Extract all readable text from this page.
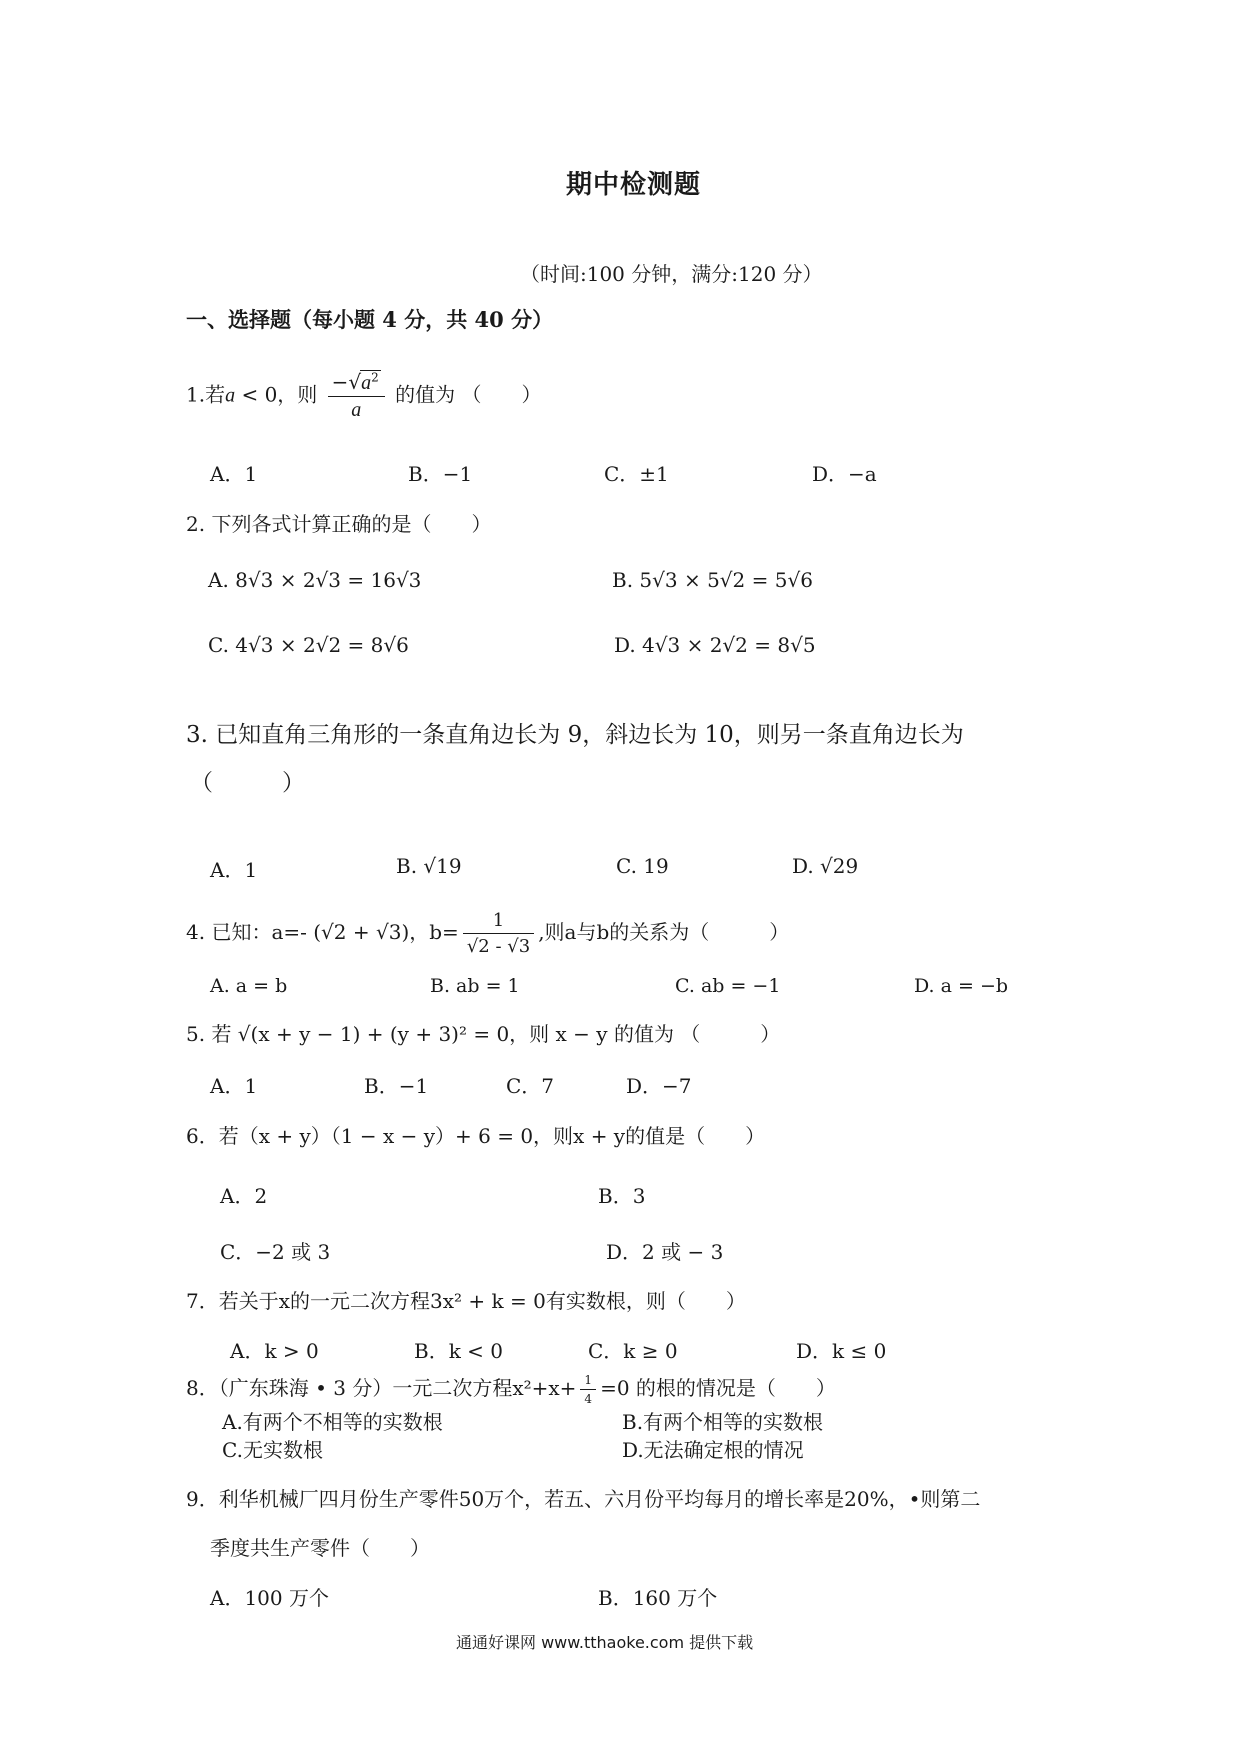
期中检测题
（时间:100 分钟，满分:120 分）
一、选择题（每小题 4 分，共 40 分）
1.若a < 0，则 $\frac{-√a^2}{a}$ 的值为 （　　）
A．1	B．−1	C．±1	D．−a
2. 下列各式计算正确的是（　　）
A. 8√3 × 2√3 = 16√3	B. 5√3 × 5√2 = 5√6
C. 4√3 × 2√2 = 8√6	D. 4√3 × 2√2 = 8√5
3. 已知直角三角形的一条直角边长为 9，斜边长为 10，则另一条直角边长为
（　　　）
A．1	B. √19	C. 19	D. √29
4. 已知：a=- (√2 + √3)，$b= \frac{1}{√2 - √3}$ ,则a与b的关系为（　　　）
A. a = b	B. ab = 1	C. ab = −1	D. a = −b
5. 若 √(x + y − 1) + (y + 3)² = 0，则 x − y 的值为 （　　　）
A．1	B．−1	C．7	D．−7
6．若（x + y）（1 − x − y）+ 6 = 0，则x + y的值是（　　）
A．2	B．3
C．−2 或 3	D．2 或 − 3
7．若关于x的一元二次方程3x² + k = 0有实数根，则（　　）
A．k > 0	B．k < 0	C．k ≥ 0	D．k ≤ 0
8．（广东珠海 • 3 分）一元二次方程$x^2+x+ \frac{1}{4} =0$ 的根的情况是（　　）
A.有两个不相等的实数根	B.有两个相等的实数根
C.无实数根	D.无法确定根的情况
9．利华机械厂四月份生产零件50万个，若五、六月份平均每月的增长率是20%，•则第二
季度共生产零件（　　）
A．100 万个	B．160 万个
通通好课网 www.tthaoke.com 提供下载
